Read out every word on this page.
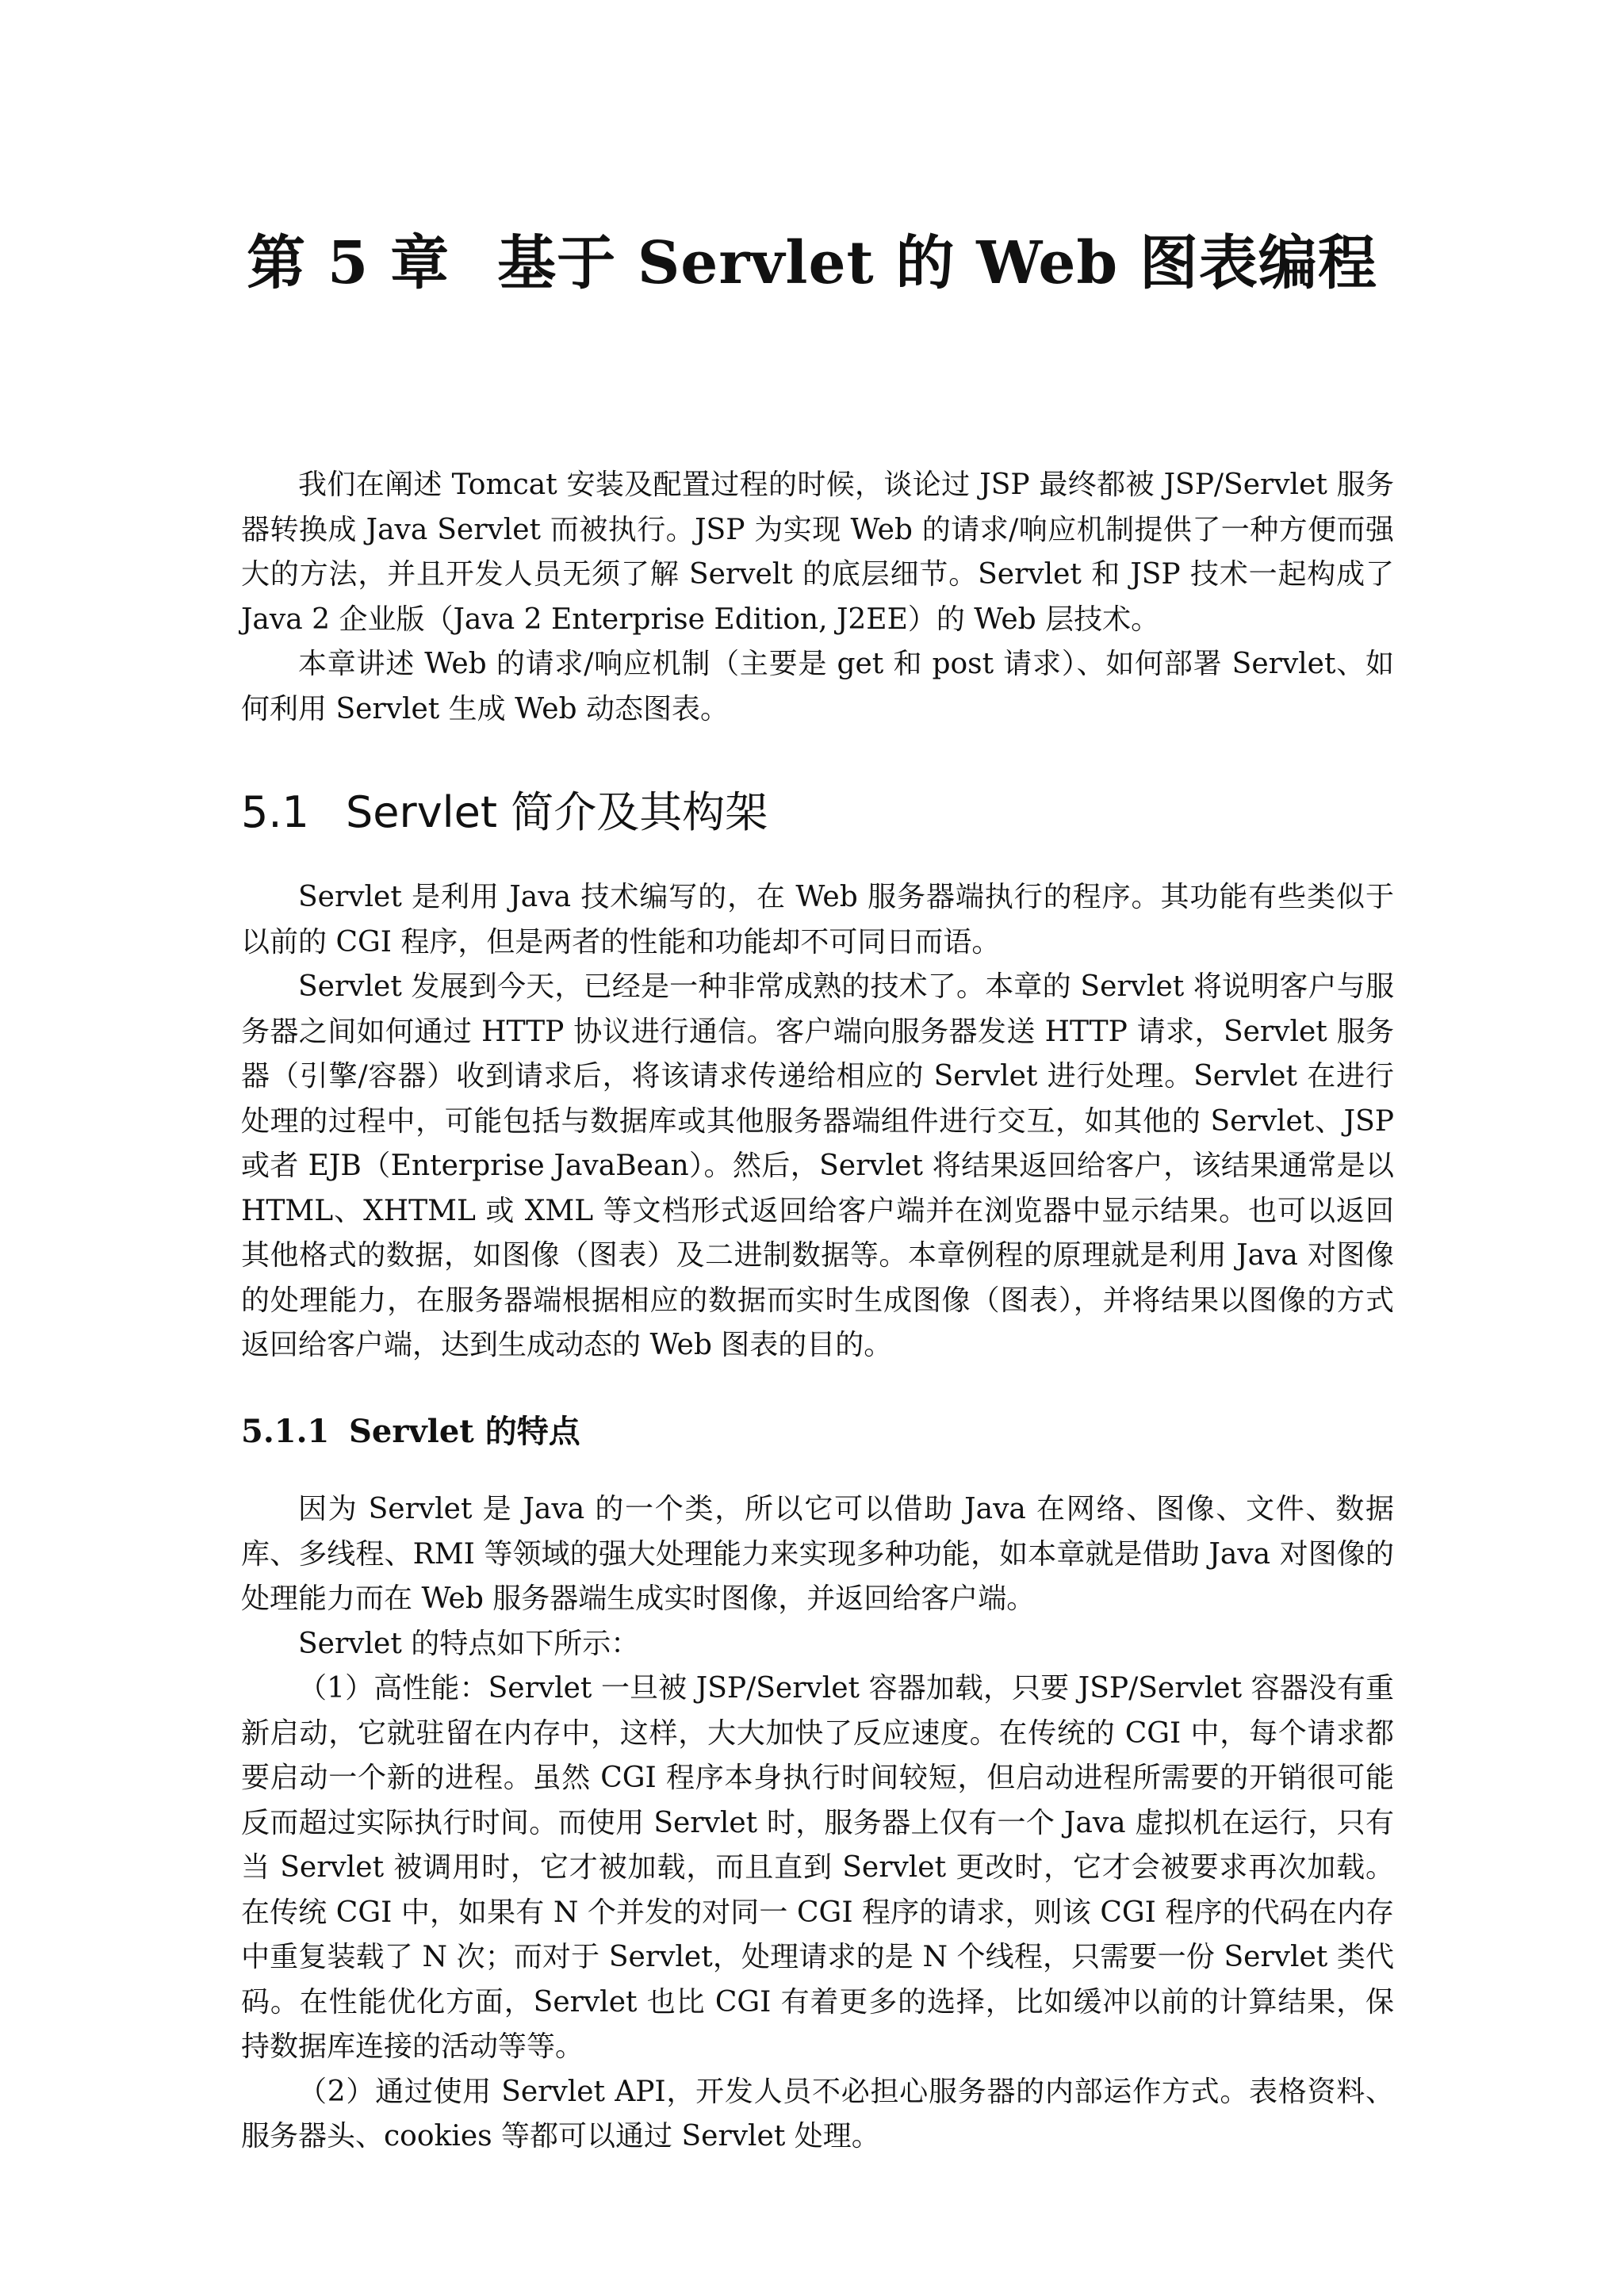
第 5 章 基于 Servlet 的 Web 图表编程

我们在阐述 Tomcat 安装及配置过程的时候，谈论过 JSP 最终都被 JSP/Servlet 服务器转换成 Java Servlet 而被执行。JSP 为实现 Web 的请求/响应机制提供了一种方便而强大的方法，并且开发人员无须了解 Servelt 的底层细节。Servlet 和 JSP 技术一起构成了 Java 2 企业版（Java 2 Enterprise Edition, J2EE）的 Web 层技术。

本章讲述 Web 的请求/响应机制（主要是 get 和 post 请求）、如何部署 Servlet、如何利用 Servlet 生成 Web 动态图表。

5.1 Servlet 简介及其构架

Servlet 是利用 Java 技术编写的，在 Web 服务器端执行的程序。其功能有些类似于以前的 CGI 程序，但是两者的性能和功能却不可同日而语。

Servlet 发展到今天，已经是一种非常成熟的技术了。本章的 Servlet 将说明客户与服务器之间如何通过 HTTP 协议进行通信。客户端向服务器发送 HTTP 请求，Servlet 服务器（引擎/容器）收到请求后，将该请求传递给相应的 Servlet 进行处理。Servlet 在进行处理的过程中，可能包括与数据库或其他服务器端组件进行交互，如其他的 Servlet、JSP 或者 EJB（Enterprise JavaBean）。然后，Servlet 将结果返回给客户，该结果通常是以 HTML、XHTML 或 XML 等文档形式返回给客户端并在浏览器中显示结果。也可以返回其他格式的数据，如图像（图表）及二进制数据等。本章例程的原理就是利用 Java 对图像的处理能力，在服务器端根据相应的数据而实时生成图像（图表），并将结果以图像的方式返回给客户端，达到生成动态的 Web 图表的目的。

5.1.1 Servlet 的特点

因为 Servlet 是 Java 的一个类，所以它可以借助 Java 在网络、图像、文件、数据库、多线程、RMI 等领域的强大处理能力来实现多种功能，如本章就是借助 Java 对图像的处理能力而在 Web 服务器端生成实时图像，并返回给客户端。

Servlet 的特点如下所示：

（1）高性能：Servlet 一旦被 JSP/Servlet 容器加载，只要 JSP/Servlet 容器没有重新启动，它就驻留在内存中，这样，大大加快了反应速度。在传统的 CGI 中，每个请求都要启动一个新的进程。虽然 CGI 程序本身执行时间较短，但启动进程所需要的开销很可能反而超过实际执行时间。而使用 Servlet 时，服务器上仅有一个 Java 虚拟机在运行，只有当 Servlet 被调用时，它才被加载，而且直到 Servlet 更改时，它才会被要求再次加载。在传统 CGI 中，如果有 N 个并发的对同一 CGI 程序的请求，则该 CGI 程序的代码在内存中重复装载了 N 次；而对于 Servlet，处理请求的是 N 个线程，只需要一份 Servlet 类代码。在性能优化方面，Servlet 也比 CGI 有着更多的选择，比如缓冲以前的计算结果，保持数据库连接的活动等等。

（2）通过使用 Servlet API，开发人员不必担心服务器的内部运作方式。表格资料、服务器头、cookies 等都可以通过 Servlet 处理。
